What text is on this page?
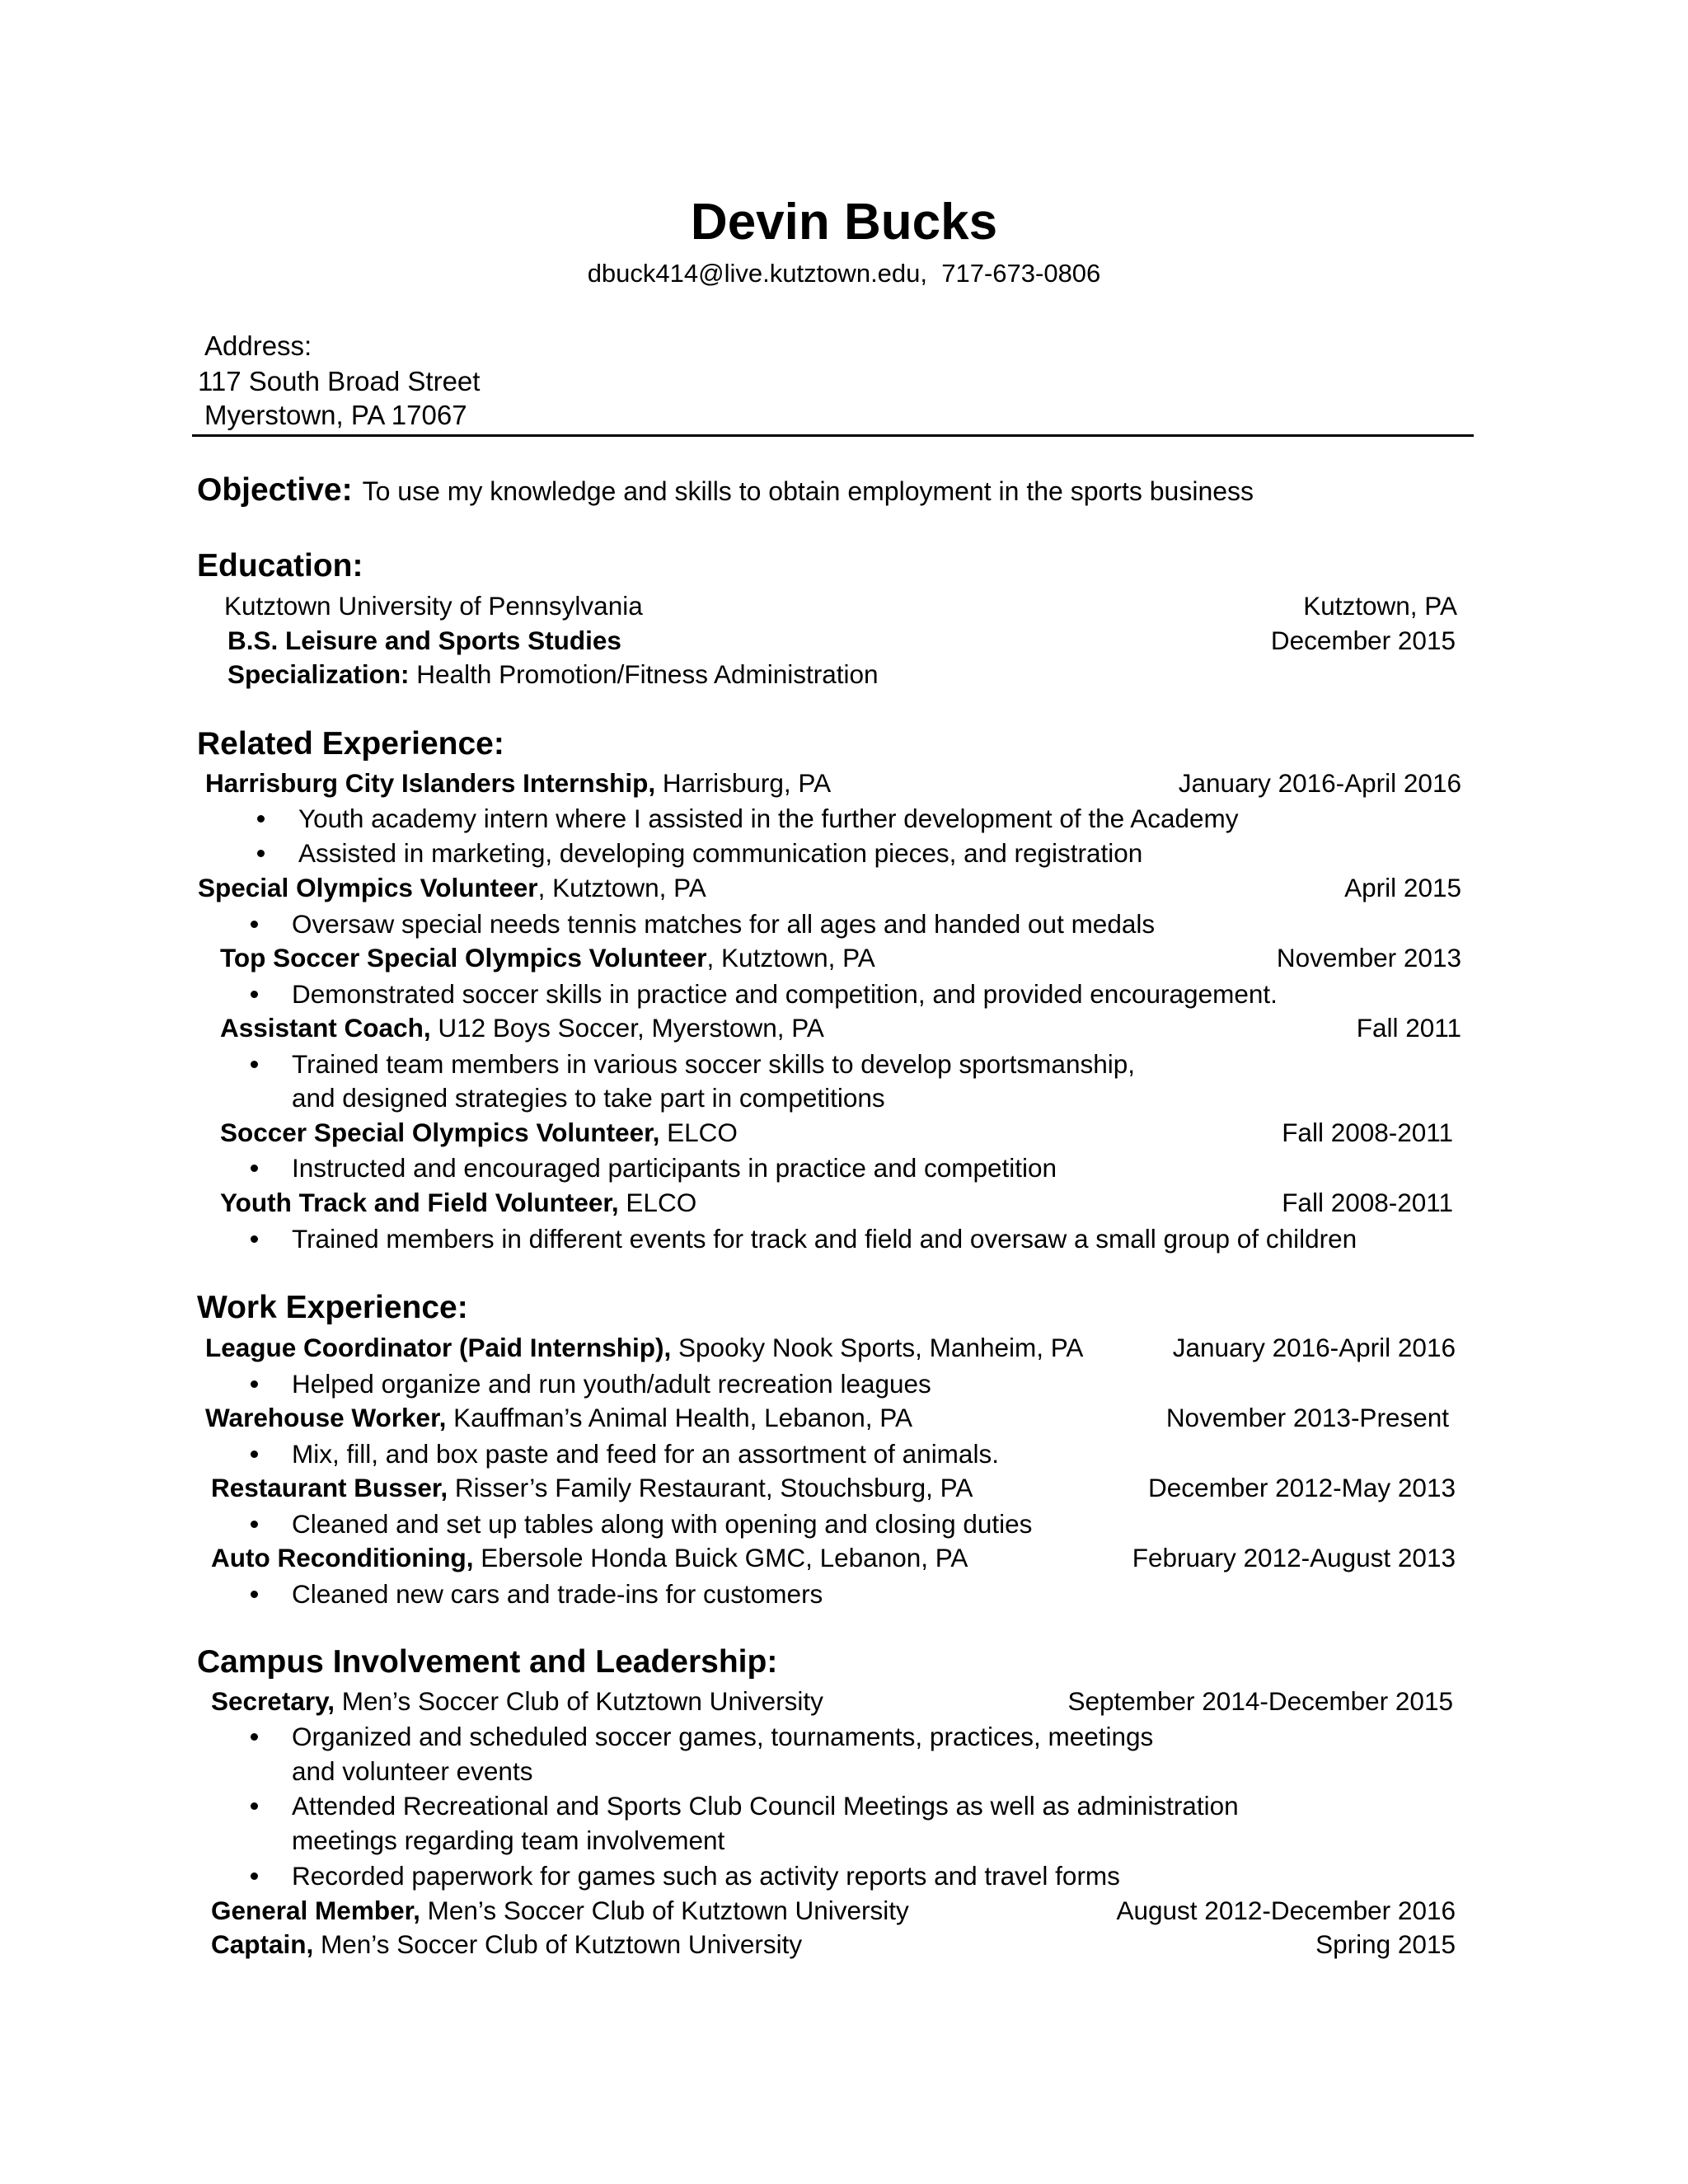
Devin Bucks
dbuck414@live.kutztown.edu,  717-673-0806
Address:
117 South Broad Street
Myerstown, PA 17067
Objective: To use my knowledge and skills to obtain employment in the sports business
Education:
Kutztown University of Pennsylvania	Kutztown, PA
B.S. Leisure and Sports Studies	December 2015
Specialization: Health Promotion/Fitness Administration
Related Experience:
Harrisburg City Islanders Internship, Harrisburg, PA	January 2016-April 2016
Youth academy intern where I assisted in the further development of the Academy
Assisted in marketing, developing communication pieces, and registration
Special Olympics Volunteer, Kutztown, PA	April 2015
Oversaw special needs tennis matches for all ages and handed out medals
Top Soccer Special Olympics Volunteer, Kutztown, PA	November 2013
Demonstrated soccer skills in practice and competition, and provided encouragement.
Assistant Coach, U12 Boys Soccer, Myerstown, PA	Fall 2011
Trained team members in various soccer skills to develop sportsmanship,
and designed strategies to take part in competitions
Soccer Special Olympics Volunteer, ELCO	Fall 2008-2011
Instructed and encouraged participants in practice and competition
Youth Track and Field Volunteer, ELCO	Fall 2008-2011
Trained members in different events for track and field and oversaw a small group of children
Work Experience:
League Coordinator (Paid Internship), Spooky Nook Sports, Manheim, PA	January 2016-April 2016
Helped organize and run youth/adult recreation leagues
Warehouse Worker, Kauffman’s Animal Health, Lebanon, PA	November 2013-Present
Mix, fill, and box paste and feed for an assortment of animals.
Restaurant Busser, Risser’s Family Restaurant, Stouchsburg, PA	December 2012-May 2013
Cleaned and set up tables along with opening and closing duties
Auto Reconditioning, Ebersole Honda Buick GMC, Lebanon, PA	February 2012-August 2013
Cleaned new cars and trade-ins for customers
Campus Involvement and Leadership:
Secretary, Men’s Soccer Club of Kutztown University	September 2014-December 2015
Organized and scheduled soccer games, tournaments, practices, meetings
and volunteer events
Attended Recreational and Sports Club Council Meetings as well as administration
meetings regarding team involvement
Recorded paperwork for games such as activity reports and travel forms
General Member, Men’s Soccer Club of Kutztown University	August 2012-December 2016
Captain, Men’s Soccer Club of Kutztown University	Spring 2015
